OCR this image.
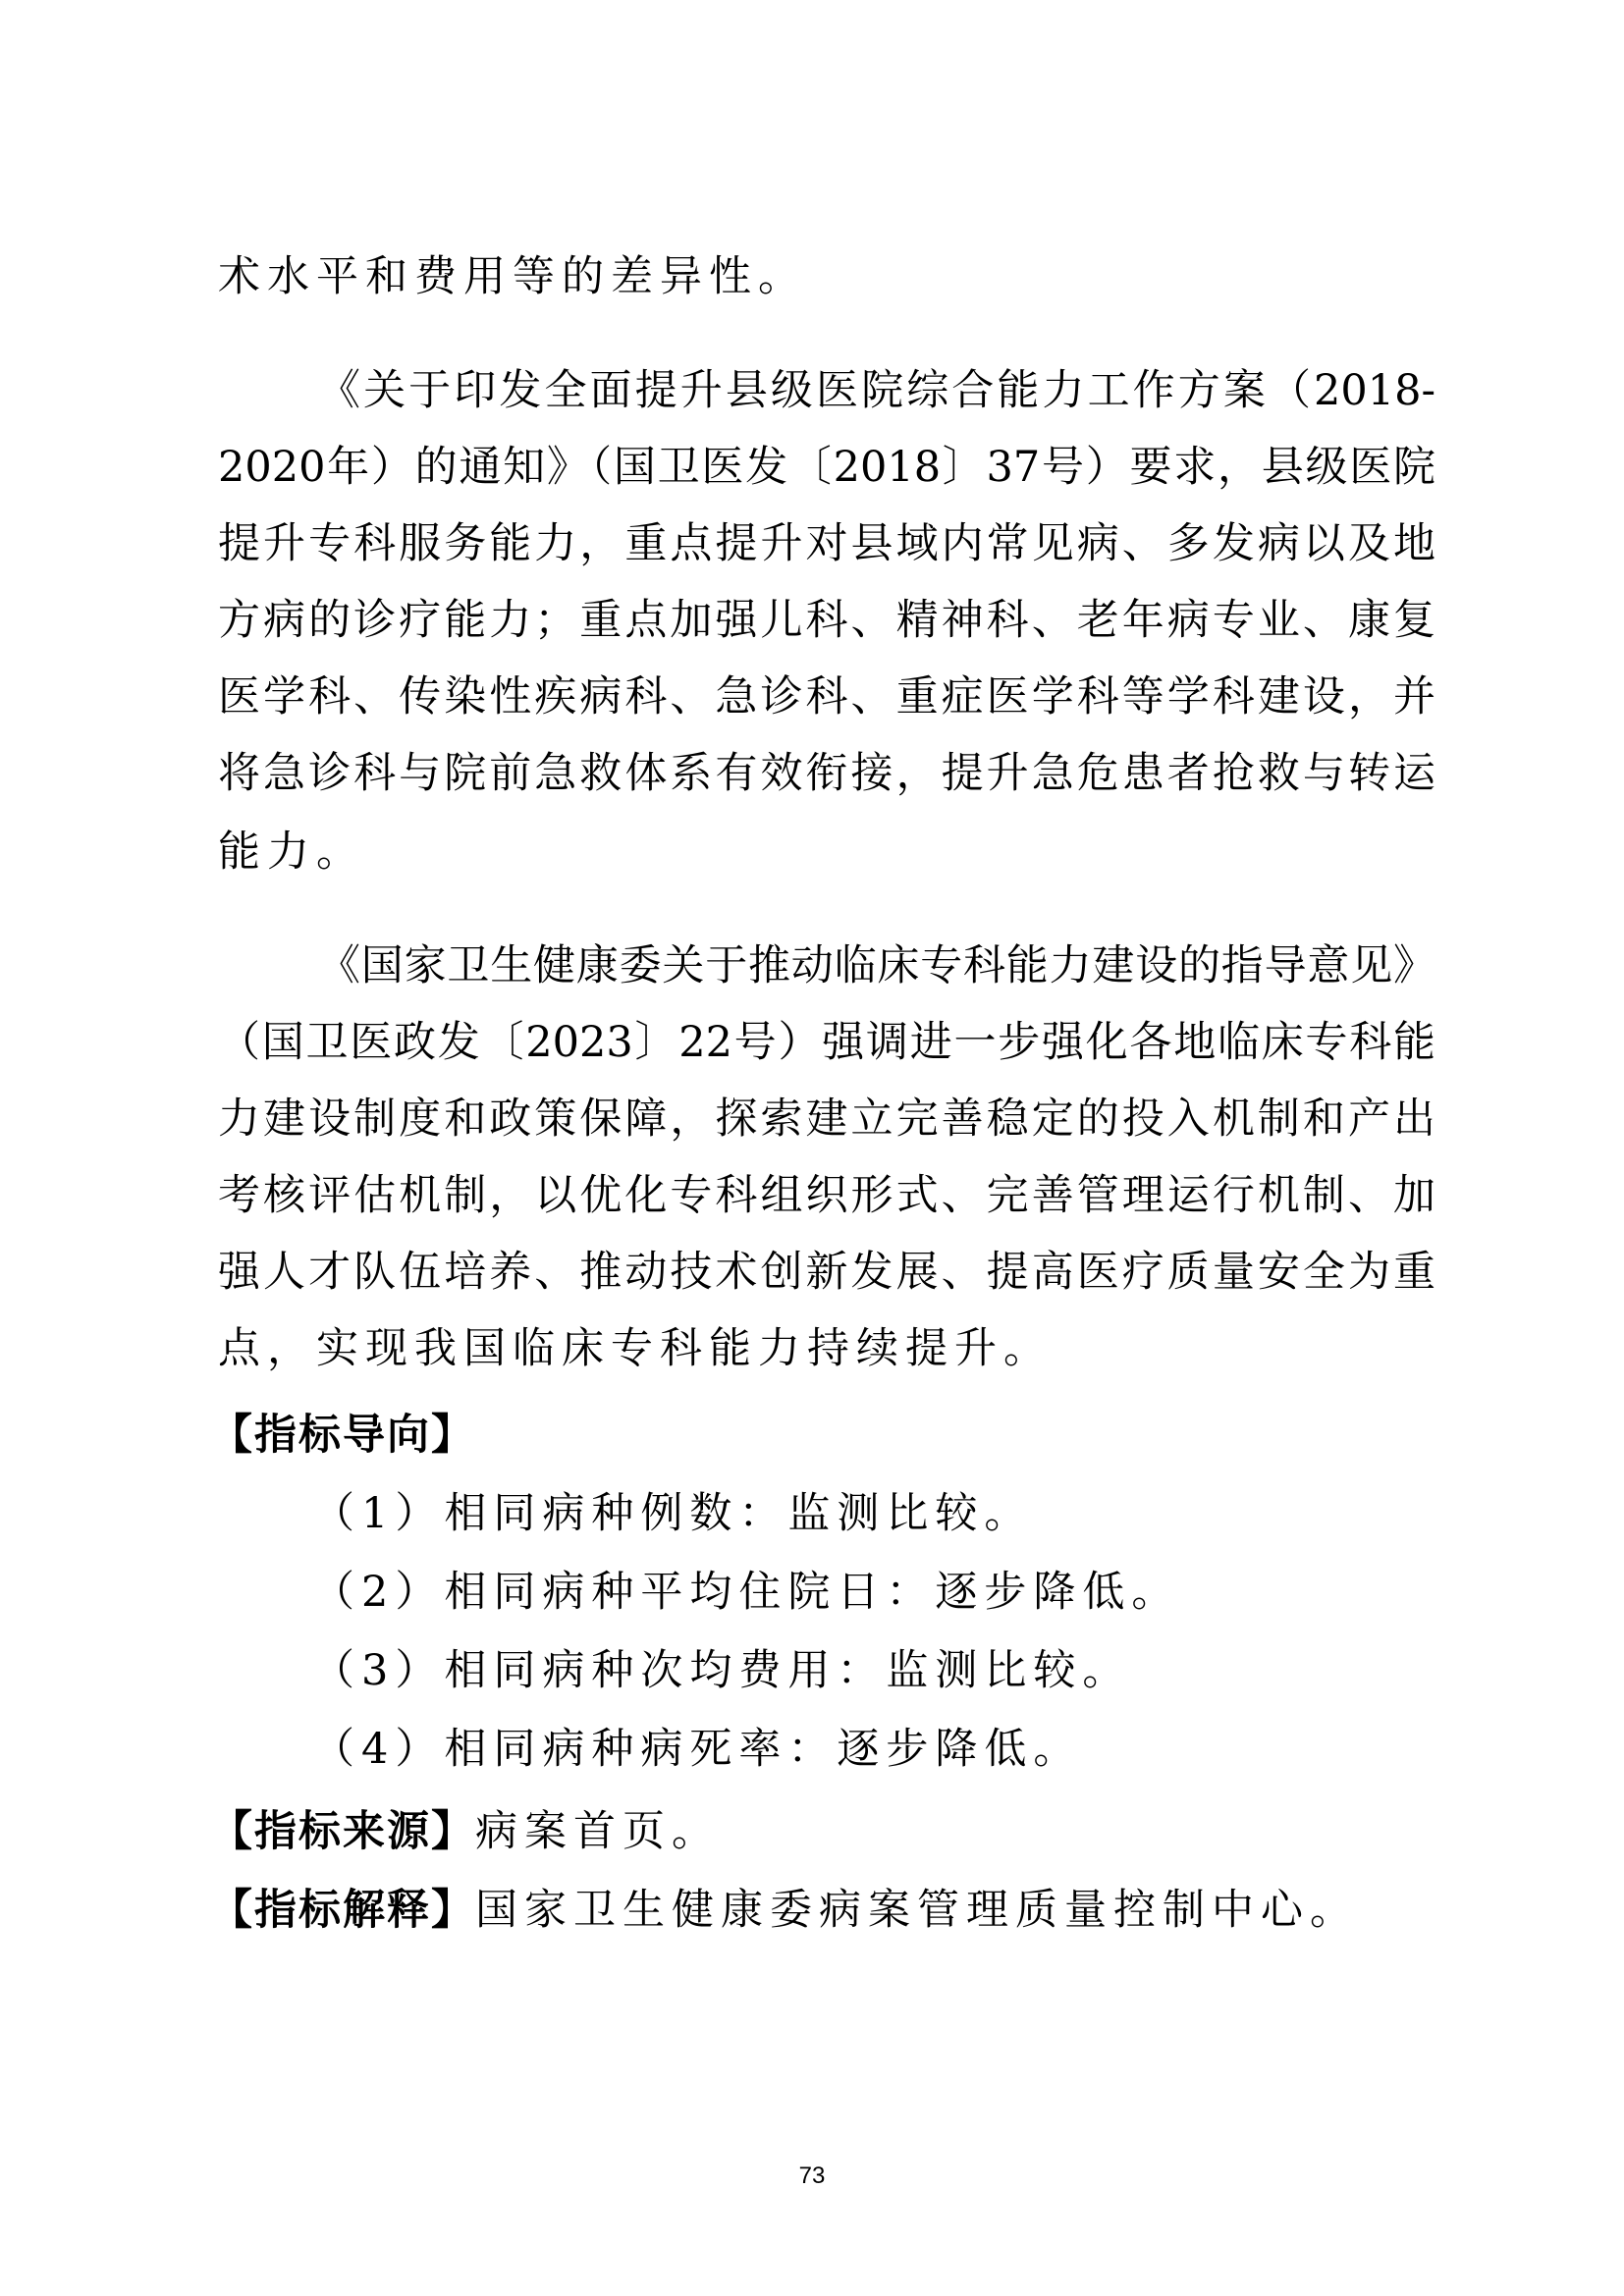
术水平和费用等的差异性。
《关于印发全面提升县级医院综合能力工作方案（2018-
2020年）的通知》（国卫医发〔2018〕37号）要求，县级医院
提升专科服务能力，重点提升对县域内常见病、多发病以及地
方病的诊疗能力；重点加强儿科、精神科、老年病专业、康复
医学科、传染性疾病科、急诊科、重症医学科等学科建设，并
将急诊科与院前急救体系有效衔接，提升急危患者抢救与转运
能力。
《国家卫生健康委关于推动临床专科能力建设的指导意见》
（国卫医政发〔2023〕22号）强调进一步强化各地临床专科能
力建设制度和政策保障，探索建立完善稳定的投入机制和产出
考核评估机制，以优化专科组织形式、完善管理运行机制、加
强人才队伍培养、推动技术创新发展、提高医疗质量安全为重
点，实现我国临床专科能力持续提升。
【指标导向】
（1）相同病种例数：监测比较。
（2）相同病种平均住院日：逐步降低。
（3）相同病种次均费用：监测比较。
（4）相同病种病死率：逐步降低。
【指标来源】病案首页。
【指标解释】国家卫生健康委病案管理质量控制中心。
73
